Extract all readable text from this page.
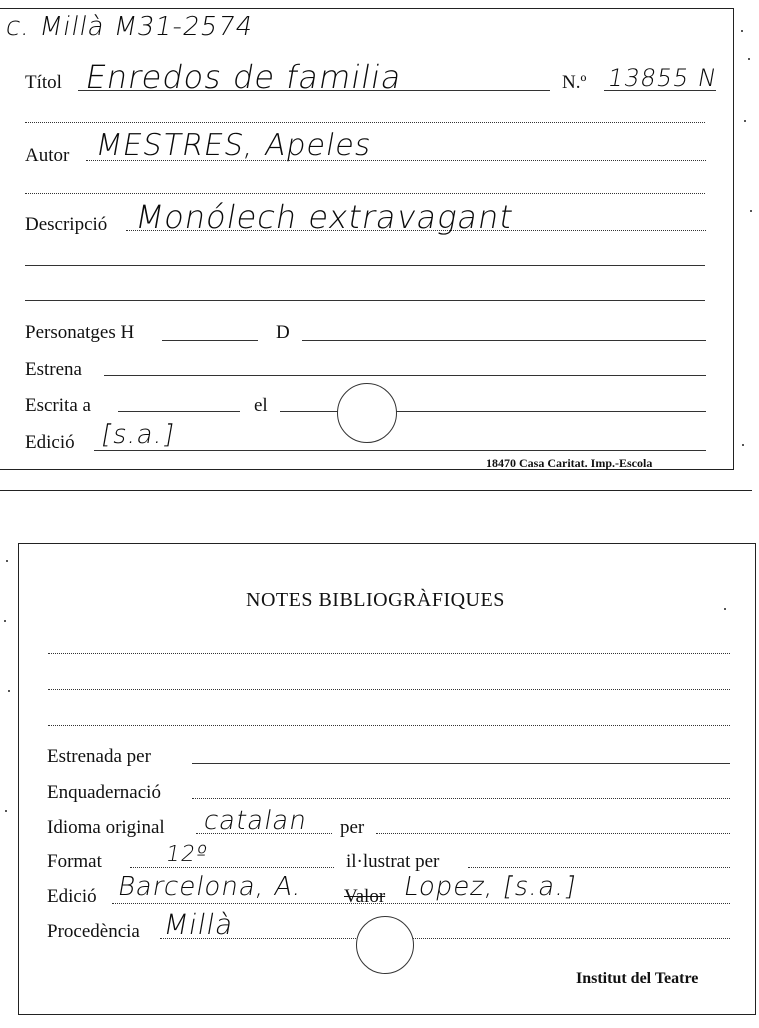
c. Millà M31-2574
Títol Enredos de familia	N.º 13855 N
Autor MESTRES, Apeles
Descripció Monólech extravagant
Personatges H	D
Estrena
Escrita a	el
Edició [s.a.]
18470 Casa Caritat. Imp.-Escola
NOTES BIBLIOGRÀFIQUES
Estrenada per
Enquadernació
Idioma original catalan per
Format	12º	il·lustrat per
Edició Barcelona, A. Valor Lopez, [s.a.]
Procedència Millà
Institut del Teatre
